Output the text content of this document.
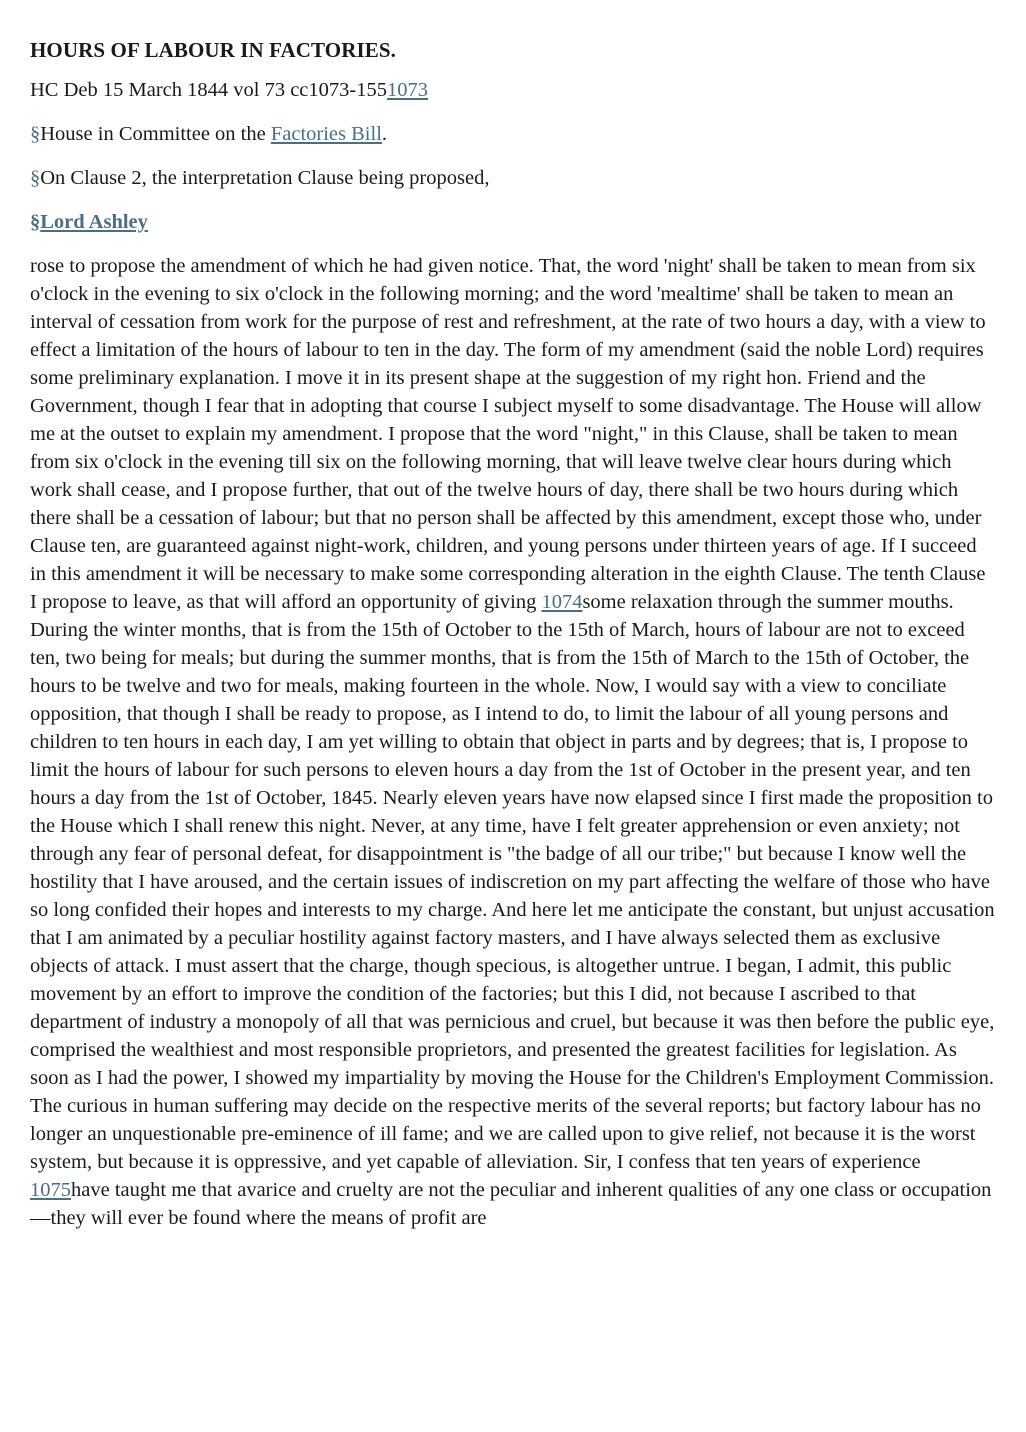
HOURS OF LABOUR IN FACTORIES.

HC Deb 15 March 1844 vol 73 cc1073-1551073

§House in Committee on the Factories Bill.

§On Clause 2, the interpretation Clause being proposed,

§Lord Ashley

rose to propose the amendment of which he had given notice. That, the word 'night' shall be taken to mean from six o'clock in the evening to six o'clock in the following morning; and the word 'mealtime' shall be taken to mean an interval of cessation from work for the purpose of rest and refreshment, at the rate of two hours a day, with a view to effect a limitation of the hours of labour to ten in the day. The form of my amendment (said the noble Lord) requires some preliminary explanation. I move it in its present shape at the suggestion of my right hon. Friend and the Government, though I fear that in adopting that course I subject myself to some disadvantage. The House will allow me at the outset to explain my amendment. I propose that the word "night," in this Clause, shall be taken to mean from six o'clock in the evening till six on the following morning, that will leave twelve clear hours during which work shall cease, and I propose further, that out of the twelve hours of day, there shall be two hours during which there shall be a cessation of labour; but that no person shall be affected by this amendment, except those who, under Clause ten, are guaranteed against night-work, children, and young persons under thirteen years of age. If I succeed in this amendment it will be necessary to make some corresponding alteration in the eighth Clause. The tenth Clause I propose to leave, as that will afford an opportunity of giving 1074some relaxation through the summer mouths. During the winter months, that is from the 15th of October to the 15th of March, hours of labour are not to exceed ten, two being for meals; but during the summer months, that is from the 15th of March to the 15th of October, the hours to be twelve and two for meals, making fourteen in the whole. Now, I would say with a view to conciliate opposition, that though I shall be ready to propose, as I intend to do, to limit the labour of all young persons and children to ten hours in each day, I am yet willing to obtain that object in parts and by degrees; that is, I propose to limit the hours of labour for such persons to eleven hours a day from the 1st of October in the present year, and ten hours a day from the 1st of October, 1845. Nearly eleven years have now elapsed since I first made the proposition to the House which I shall renew this night. Never, at any time, have I felt greater apprehension or even anxiety; not through any fear of personal defeat, for disappointment is "the badge of all our tribe;" but because I know well the hostility that I have aroused, and the certain issues of indiscretion on my part affecting the welfare of those who have so long confided their hopes and interests to my charge. And here let me anticipate the constant, but unjust accusation that I am animated by a peculiar hostility against factory masters, and I have always selected them as exclusive objects of attack. I must assert that the charge, though specious, is altogether untrue. I began, I admit, this public movement by an effort to improve the condition of the factories; but this I did, not because I ascribed to that department of industry a monopoly of all that was pernicious and cruel, but because it was then before the public eye, comprised the wealthiest and most responsible proprietors, and presented the greatest facilities for legislation. As soon as I had the power, I showed my impartiality by moving the House for the Children's Employment Commission. The curious in human suffering may decide on the respective merits of the several reports; but factory labour has no longer an unquestionable pre-eminence of ill fame; and we are called upon to give relief, not because it is the worst system, but because it is oppressive, and yet capable of alleviation. Sir, I confess that ten years of experience 1075have taught me that avarice and cruelty are not the peculiar and inherent qualities of any one class or occupation—they will ever be found where the means of profit are
